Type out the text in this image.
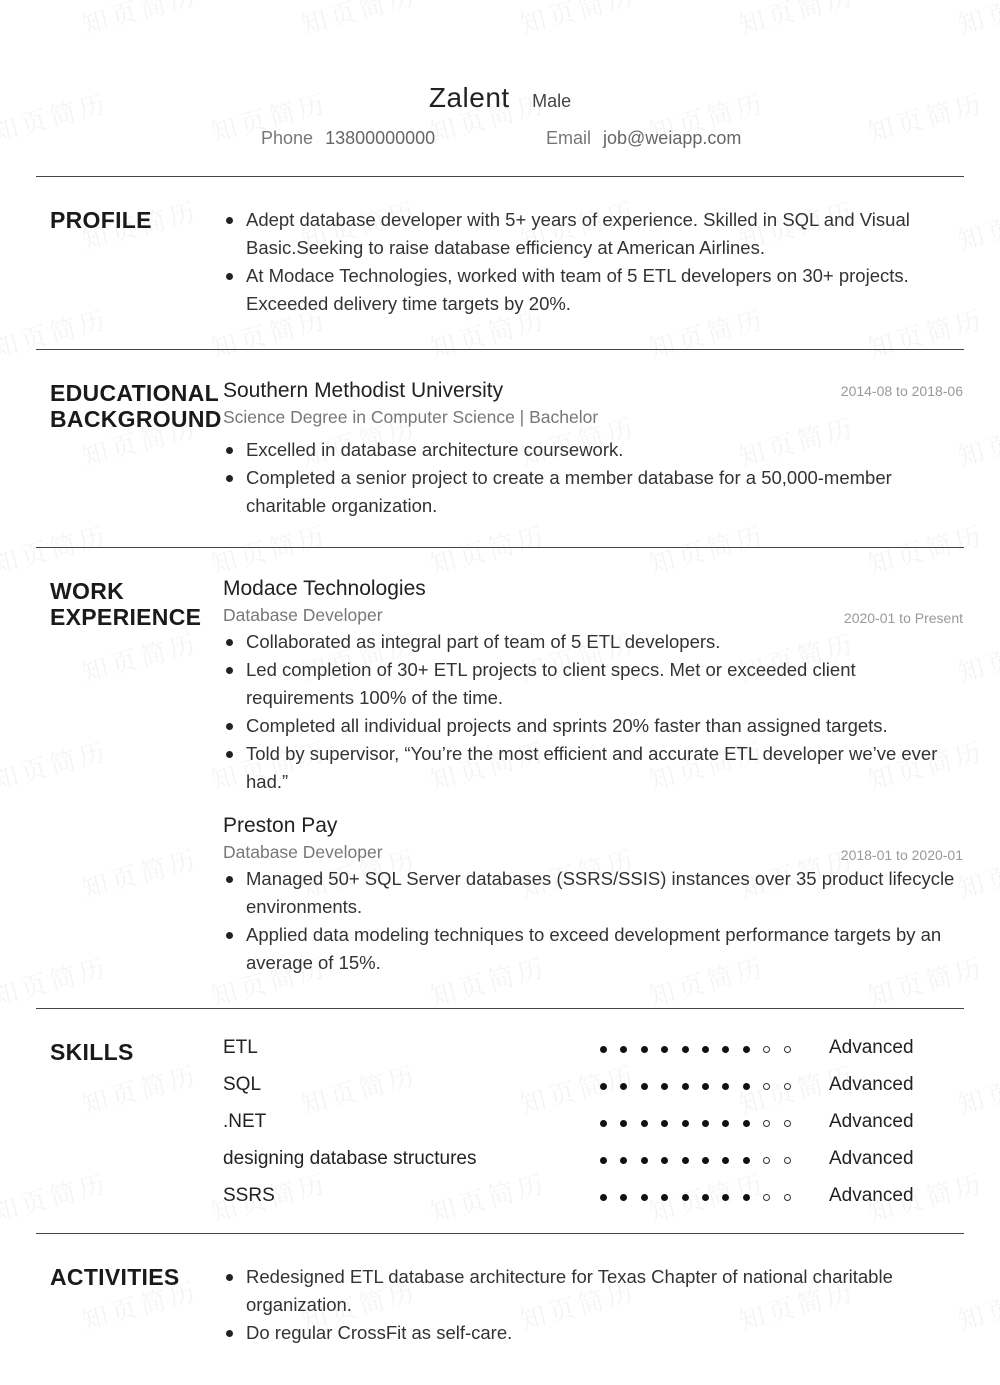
Zalent Male
Phone 13800000000	Email job@weiapp.com
PROFILE	Adept database developer with 5+ years of experience. Skilled in SQL and Visual Basic.Seeking to raise database efficiency at American Airlines.
At Modace Technologies, worked with team of 5 ETL developers on 30+ projects. Exceeded delivery time targets by 20%.
EDUCATIONAL
BACKGROUND
Southern Methodist University	2014-08 to 2018-06
Science Degree in Computer Science | Bachelor
Excelled in database architecture coursework.
Completed a senior project to create a member database for a 50,000-member charitable organization.
WORK
EXPERIENCE
Modace Technologies
Database Developer	2020-01 to Present
Collaborated as integral part of team of 5 ETL developers.
Led completion of 30+ ETL projects to client specs. Met or exceeded client requirements 100% of the time.
Completed all individual projects and sprints 20% faster than assigned targets.
Told by supervisor, “You’re the most efficient and accurate ETL developer we’ve ever had.”
Preston Pay
Database Developer	2018-01 to 2020-01
Managed 50+ SQL Server databases (SSRS/SSIS) instances over 35 product lifecycle environments.
Applied data modeling techniques to exceed development performance targets by an average of 15%.
SKILLS	ETL	Advanced
SQL	Advanced
.NET	Advanced
designing database structures	Advanced
SSRS	Advanced
ACTIVITIES	Redesigned ETL database architecture for Texas Chapter of national charitable organization.
Do regular CrossFit as self-care.
